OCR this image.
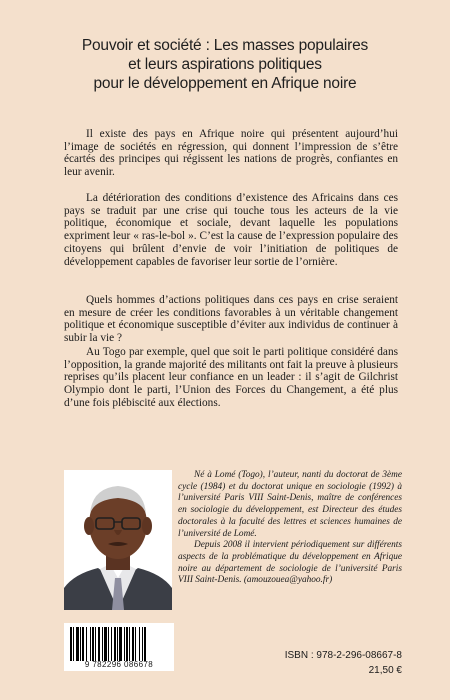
Pouvoir et société : Les masses populaires
et leurs aspirations politiques
pour le développement en Afrique noire
Il existe des pays en Afrique noire qui présentent aujourd’hui l’image de sociétés en régression, qui donnent l’impression de s’être écartés des principes qui régissent les nations de progrès, confiantes en leur avenir.
La détérioration des conditions d’existence des Africains dans ces pays se traduit par une crise qui touche tous les acteurs de la vie politique, économique et sociale, devant laquelle les populations expriment leur « ras-le-bol ». C’est la cause de l’expression populaire des citoyens qui brûlent d’envie de voir l’initiation de politiques de développement capables de favoriser leur sortie de l’ornière.
Quels hommes d’actions politiques dans ces pays en crise seraient en mesure de créer les conditions favorables à un véritable changement politique et économique susceptible d’éviter aux individus de continuer à subir la vie ?
Au Togo par exemple, quel que soit le parti politique considéré dans l’opposition, la grande majorité des militants ont fait la preuve à plusieurs reprises qu’ils placent leur confiance en un leader : il s’agit de Gilchrist Olympio dont le parti, l’Union des Forces du Changement, a été plus d’une fois plébiscité aux élections.

Né à Lomé (Togo), l’auteur, nanti du doctorat de 3ème cycle (1984) et du doctorat unique en sociologie (1992) à l’université Paris VIII Saint-Denis, maître de conférences en sociologie du développement, est Directeur des études doctorales à la faculté des lettres et sciences humaines de l’université de Lomé.

Depuis 2008 il intervient périodiquement sur différents aspects de la problématique du développement en Afrique noire au département de sociologie de l’université Paris VIII Saint-Denis. (amouzouea@yahoo.fr)

9 782296 086678
ISBN : 978-2-296-08667-8
21,50 €
